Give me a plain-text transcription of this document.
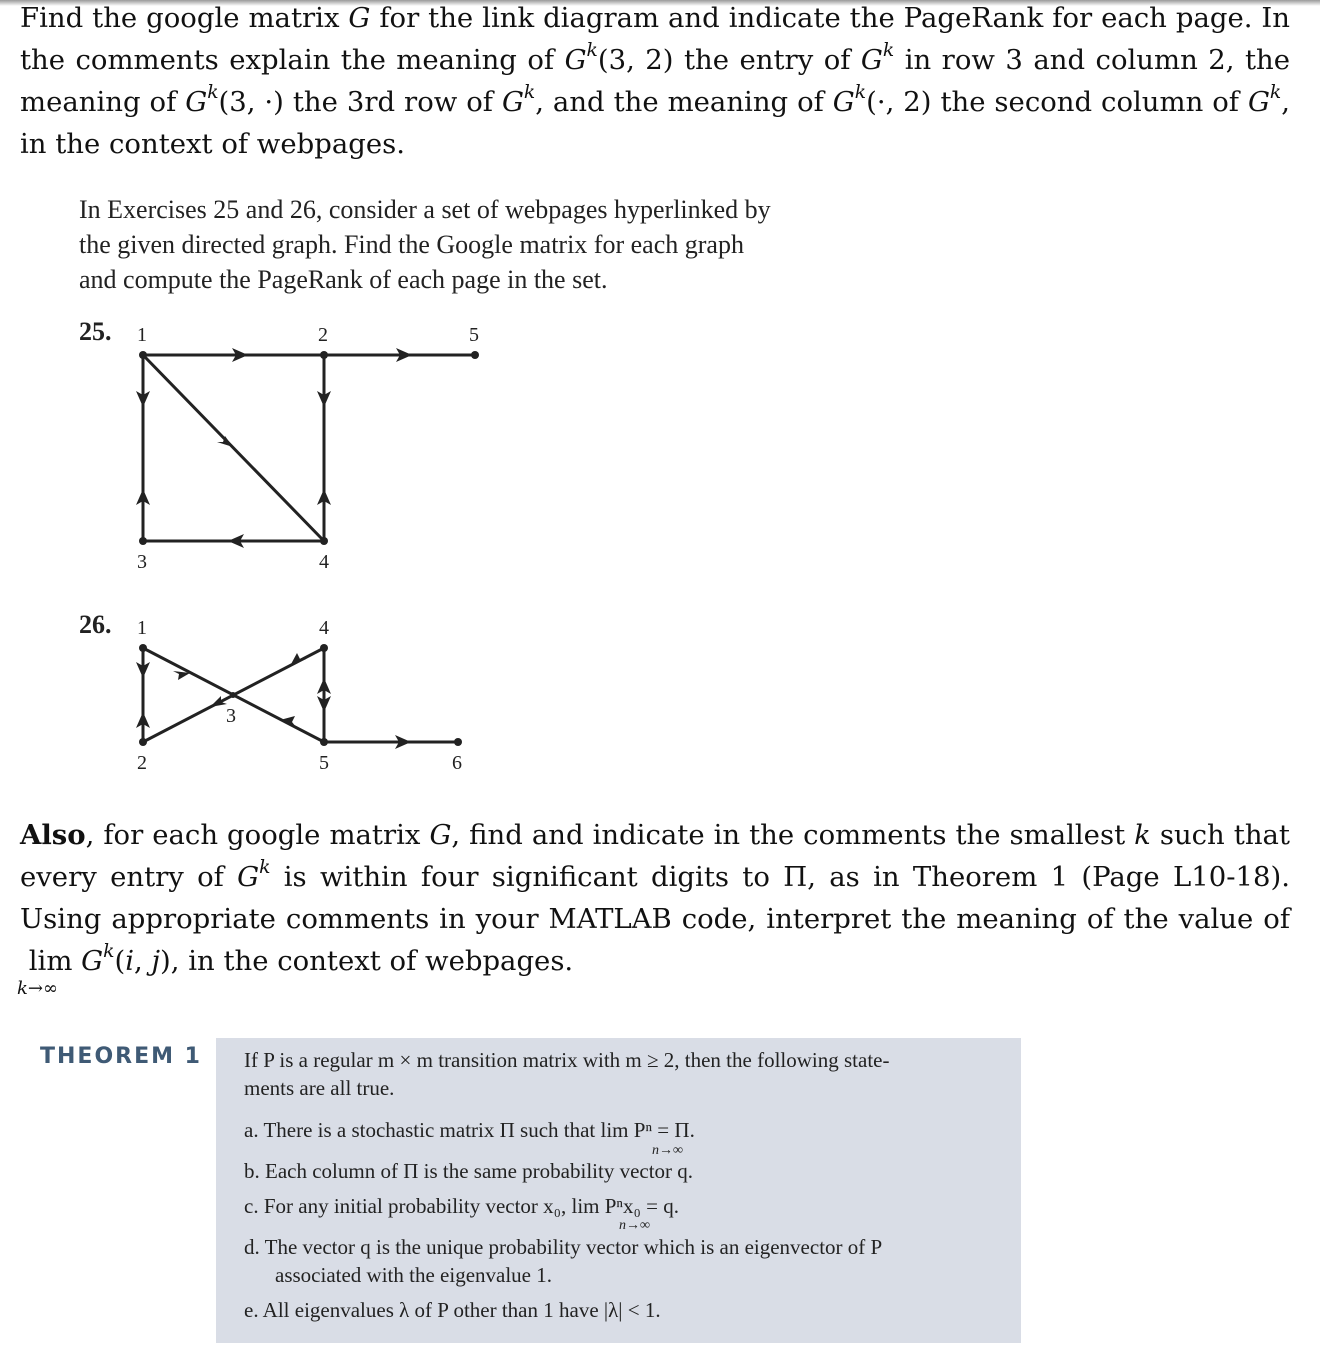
Find the google matrix G for the link diagram and indicate the PageRank for each page. In
the comments explain the meaning of $G^k(3$, 2) the entry of $G^k$ in row 3 and column 2, the
meaning of $G^k(3$, ·) the 3rd row of $G^k$, and the meaning of $G^k(\cdot$, 2) the second column of $G^k$,
in the context of webpages.
In Exercises 25 and 26, consider a set of webpages hyperlinked by
the given directed graph. Find the Google matrix for each graph
and compute the PageRank of each page in the set.
25.
26.
1	2	5
3	4
1	4
3
2	5	6
Also, for each google matrix G, find and indicate in the comments the smallest k such that
every entry of $G^k$ is within four significant digits to Π, as in Theorem 1 (Page L10-18).
Using appropriate comments in your MATLAB code, interpret the meaning of the value of
lim
k→∞
$G^k(i$, j), in the context of webpages.
THEOREM 1 If P is a regular m × m transition matrix with m ≥ 2, then the following state-
ments are all true.
a. There is a stochastic matrix Π such that lim Pⁿ = Π.
n→∞
b. Each column of Π is the same probability vector q.
c. For any initial probability vector x₀, lim Pⁿx₀ = q.
n→∞
d. The vector q is the unique probability vector which is an eigenvector of P
associated with the eigenvalue 1.
e. All eigenvalues λ of P other than 1 have |λ| < 1.
